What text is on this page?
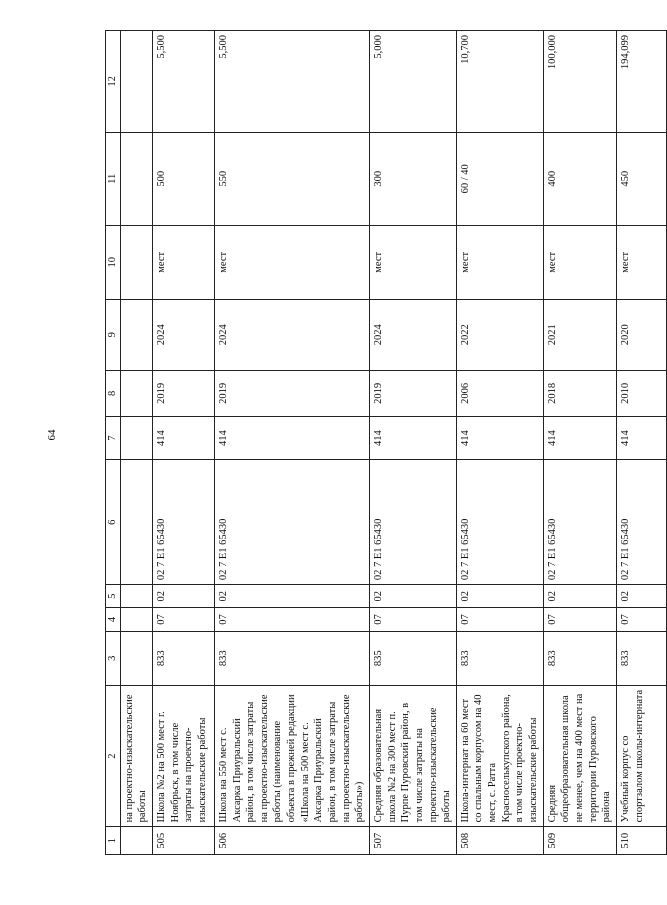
64
1	2	3	4	5	6	7	8	9	10	11	12
	на проектно-изыскательские работы										
505	Школа №2 на 500 мест г. Ноябрьск, в том числе затраты на проектно-изыскательские работы	833	07	02	02 7 E1 65430	414	2019	2024	мест	500	5,500
506	Школа на 550 мест с. Аксарка Приуральский район, в том числе затраты на проектно-изыскательские работы (наименование объекта в прежней редакции «Школа на 500 мест с. Аксарка Приуральский район, в том числе затраты на проектно-изыскательские работы»)	833	07	02	02 7 E1 65430	414	2019	2024	мест	550	5,500
507	Средняя образовательная школа №2 на 300 мест п. Пурпе Пуровский район, в том числе затраты на проектно-изыскательские работы	835	07	02	02 7 E1 65430	414	2019	2024	мест	300	5,000
508	Школа-интернат на 60 мест со спальным корпусом на 40 мест, с. Ратта Красноселькупского района, в том числе проектно-изыскательские работы	833	07	02	02 7 E1 65430	414	2006	2022	мест	60 / 40	10,700
509	Средняя общеобразовательная школа не менее, чем на 400 мест на территории Пуровского района	833	07	02	02 7 E1 65430	414	2018	2021	мест	400	100,000
510	Учебный корпус со спортзалом школы-интерната	833	07	02	02 7 E1 65430	414	2010	2020	мест	450	194,099
